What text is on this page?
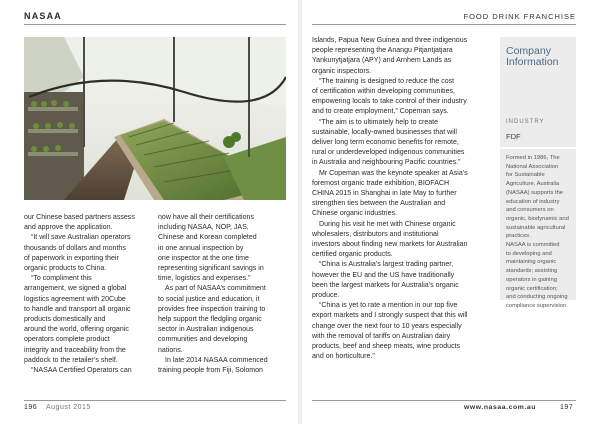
NASAA	FOOD DRINK FRANCHISE

our Chinese based partners assess
and approve the application.

“It will save Australian operators
thousands of dollars and months
of paperwork in exporting their
organic products to China.

“To compliment this
arrangement, we signed a global
logistics agreement with 20Cube
to handle and transport all organic
products domestically and
around the world, offering organic
operators complete product
integrity and traceability from the
paddock to the retailer’s shelf.

“NASAA Certified Operators can

now have all their certifications
including NASAA, NOP, JAS,
Chinese and Korean completed
in one annual inspection by
one inspector at the one time
representing significant savings in
time, logistics and expenses.”

As part of NASAA’s commitment
to social justice and education, it
provides free inspection training to
help support the fledgling organic
sector in Australian indigenous
communities and developing
nations.

In late 2014 NASAA commenced
training people from Fiji, Solomon

Islands, Papua New Guinea and three indigenous
people representing the Anangu Pitjantjatjara
Yankunytjatjara (APY) and Arnhem Lands as
organic inspectors.

“The training is designed to reduce the cost
of certification within developing communities,
empowering locals to take control of their industry
and to create employment,” Copeman says.

“The aim is to ultimately help to create
sustainable, locally-owned businesses that will
deliver long term economic benefits for remote,
rural or underdeveloped indigenous communities
in Australia and neighbouring Pacific countries.”

Mr Copeman was the keynote speaker at Asia’s
foremost organic trade exhibition, BIOFACH
CHINA 2015 in Shanghai in late May to further
strengthen ties between the Australian and
Chinese organic industries.

During his visit he met with Chinese organic
wholesalers, distributors and institutional
investors about finding new markets for Australian
certified organic products.

“China is Australia’s largest trading partner,
however the EU and the US have traditionally
been the largest markets for Australia’s organic
produce.

“China is yet to rate a mention in our top five
export markets and I strongly suspect that this will
change over the next four to 10 years especially
with the removal of tariffs on Australian dairy
products, beef and sheep meats, wine products
and on horticulture.”

Company
Information
INDUSTRY
FDF
Formed in 1986, The
National Association
for Sustainable
Agriculture, Australia
(NASAA) supports the
education of industry
and consumers on
organic, biodynamic and
sustainable agricultural
practices.
NASAA is committed
to developing and
maintaining organic
standards; assisting
operators in gaining
organic certification;
and conducting ongoing
compliance supervision.
196 August 2015	www.nasaa.com.au	197
